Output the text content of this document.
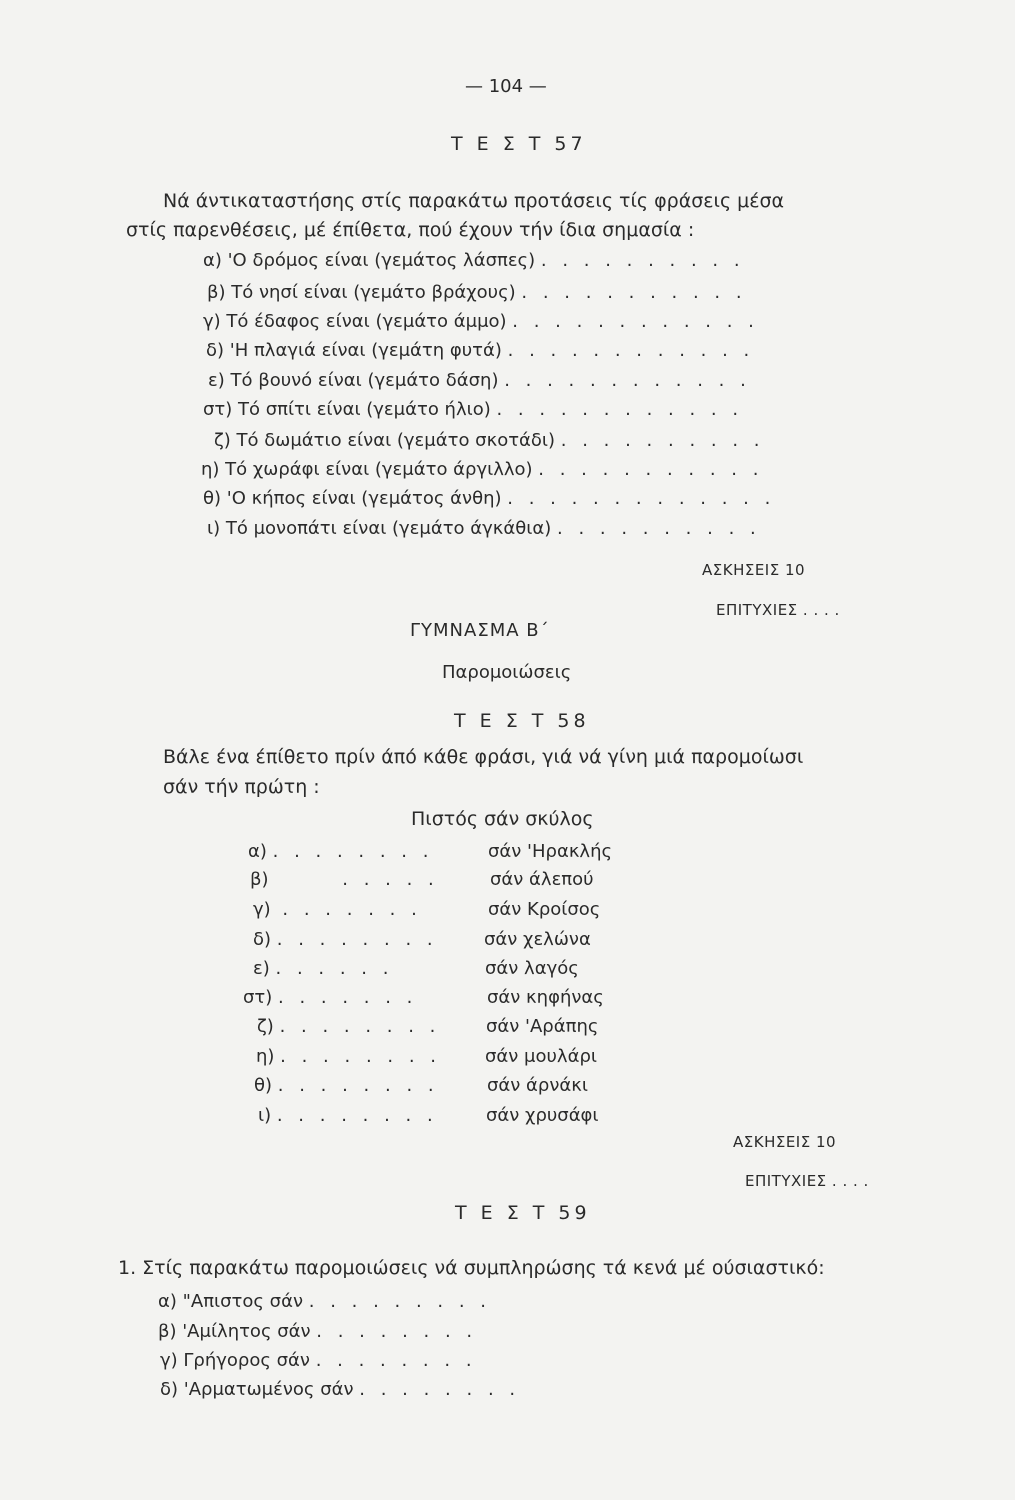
— 104 —
Τ Ε Σ Τ 57
Νά άντικαταστήσης στίς παρακάτω προτάσεις τίς φράσεις μέσα
στίς παρενθέσεις, μέ έπίθετα, πού έχουν τήν ίδια σημασία :
α) 'Ο δρόμος είναι (γεμάτος λάσπες) . . . . . . . . . .
β) Τό νησί είναι (γεμάτο βράχους) . . . . . . . . . . .
γ) Τό έδαφος είναι (γεμάτο άμμο) . . . . . . . . . . . .
δ) 'Η πλαγιά είναι (γεμάτη φυτά) . . . . . . . . . . . .
ε) Τό βουνό είναι (γεμάτο δάση) . . . . . . . . . . . .
στ) Τό σπίτι είναι (γεμάτο ήλιο) . . . . . . . . . . . .
ζ) Τό δωμάτιο είναι (γεμάτο σκοτάδι) . . . . . . . . . .
η) Τό χωράφι είναι (γεμάτο άργιλλο) . . . . . . . . . . .
θ) 'Ο κήπος είναι (γεμάτος άνθη) . . . . . . . . . . . . .
ι) Τό μονοπάτι είναι (γεμάτο άγκάθια) . . . . . . . . . .
ΑΣΚΗΣΕΙΣ 10
ΕΠΙΤΥΧΙΕΣ . . . .
ΓΥΜΝΑΣΜΑ Β΄
Παρομοιώσεις
Τ Ε Σ Τ 58
Βάλε ένα έπίθετο πρίν άπό κάθε φράσι, γιά νά γίνη μιά παρομοίωσι
σάν τήν πρώτη :
Πιστός σάν σκύλος
α) . . . . . . . .	σάν 'Ηρακλής
β)	. . . . .	σάν άλεπού
γ) . . . . . . .	σάν Κροίσος
δ) . . . . . . . .	σάν χελώνα
ε) . . . . . .	σάν λαγός
στ) . . . . . . .	σάν κηφήνας
ζ) . . . . . . . .	σάν 'Αράπης
η) . . . . . . . . σάν μουλάρι
θ) . . . . . . . .	σάν άρνάκι
ι) . . . . . . . .	σάν χρυσάφι
ΑΣΚΗΣΕΙΣ 10
ΕΠΙΤΥΧΙΕΣ . . . .
Τ Ε Σ Τ 59
1. Στίς παρακάτω παρομοιώσεις νά συμπληρώσης τά κενά μέ ούσιαστικό:
α) "Απιστος σάν . . . . . . . . .
β) 'Αμίλητος σάν . . . . . . . .
γ) Γρήγορος σάν . . . . . . . .
δ) 'Αρματωμένος σάν . . . . . . . .
